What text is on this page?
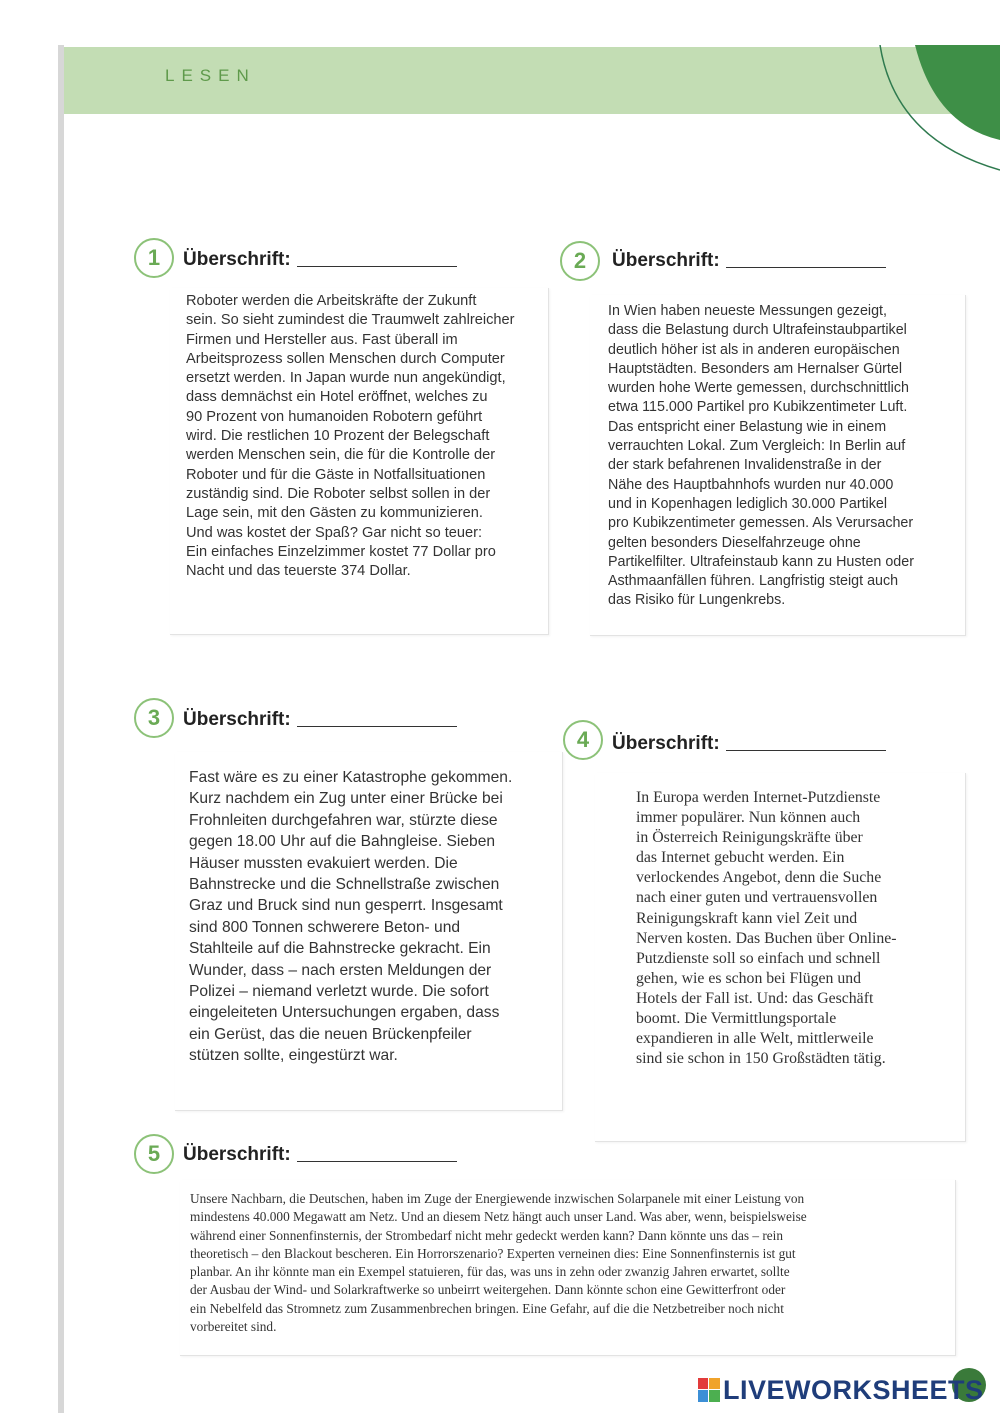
LESEN
1	Überschrift:
Roboter werden die Arbeitskräfte der Zukunft
sein. So sieht zumindest die Traumwelt zahlreicher
Firmen und Hersteller aus. Fast überall im
Arbeitsprozess sollen Menschen durch Computer
ersetzt werden. In Japan wurde nun angekündigt,
dass demnächst ein Hotel eröffnet, welches zu
90 Prozent von humanoiden Robotern geführt
wird. Die restlichen 10 Prozent der Belegschaft
werden Menschen sein, die für die Kontrolle der
Roboter und für die Gäste in Notfallsituationen
zuständig sind. Die Roboter selbst sollen in der
Lage sein, mit den Gästen zu kommunizieren.
Und was kostet der Spaß? Gar nicht so teuer:
Ein einfaches Einzelzimmer kostet 77 Dollar pro
Nacht und das teuerste 374 Dollar.
2	Überschrift:
In Wien haben neueste Messungen gezeigt,
dass die Belastung durch Ultrafeinstaubpartikel
deutlich höher ist als in anderen europäischen
Hauptstädten. Besonders am Hernalser Gürtel
wurden hohe Werte gemessen, durchschnittlich
etwa 115.000 Partikel pro Kubikzentimeter Luft.
Das entspricht einer Belastung wie in einem
verrauchten Lokal. Zum Vergleich: In Berlin auf
der stark befahrenen Invalidenstraße in der
Nähe des Hauptbahnhofs wurden nur 40.000
und in Kopenhagen lediglich 30.000 Partikel
pro Kubikzentimeter gemessen. Als Verursacher
gelten besonders Dieselfahrzeuge ohne
Partikelfilter. Ultrafeinstaub kann zu Husten oder
Asthmaanfällen führen. Langfristig steigt auch
das Risiko für Lungenkrebs.
3	Überschrift:
Fast wäre es zu einer Katastrophe gekommen.
Kurz nachdem ein Zug unter einer Brücke bei
Frohnleiten durchgefahren war, stürzte diese
gegen 18.00 Uhr auf die Bahngleise. Sieben
Häuser mussten evakuiert werden. Die
Bahnstrecke und die Schnellstraße zwischen
Graz und Bruck sind nun gesperrt. Insgesamt
sind 800 Tonnen schwerere Beton- und
Stahlteile auf die Bahnstrecke gekracht. Ein
Wunder, dass – nach ersten Meldungen der
Polizei – niemand verletzt wurde. Die sofort
eingeleiteten Untersuchungen ergaben, dass
ein Gerüst, das die neuen Brückenpfeiler
stützen sollte, eingestürzt war.
4	Überschrift:
In Europa werden Internet-Putzdienste
immer populärer. Nun können auch
in Österreich Reinigungskräfte über
das Internet gebucht werden. Ein
verlockendes Angebot, denn die Suche
nach einer guten und vertrauensvollen
Reinigungskraft kann viel Zeit und
Nerven kosten. Das Buchen über Online-
Putzdienste soll so einfach und schnell
gehen, wie es schon bei Flügen und
Hotels der Fall ist. Und: das Geschäft
boomt. Die Vermittlungsportale
expandieren in alle Welt, mittlerweile
sind sie schon in 150 Großstädten tätig.
5	Überschrift:
Unsere Nachbarn, die Deutschen, haben im Zuge der Energiewende inzwischen Solarpanele mit einer Leistung von
mindestens 40.000 Megawatt am Netz. Und an diesem Netz hängt auch unser Land. Was aber, wenn, beispielsweise
während einer Sonnenfinsternis, der Strombedarf nicht mehr gedeckt werden kann? Dann könnte uns das – rein
theoretisch – den Blackout bescheren. Ein Horrorszenario? Experten verneinen dies: Eine Sonnenfinsternis ist gut
planbar. An ihr könnte man ein Exempel statuieren, für das, was uns in zehn oder zwanzig Jahren erwartet, sollte
der Ausbau der Wind- und Solarkraftwerke so unbeirrt weitergehen. Dann könnte schon eine Gewitterfront oder
ein Nebelfeld das Stromnetz zum Zusammenbrechen bringen. Eine Gefahr, auf die die Netzbetreiber noch nicht
vorbereitet sind.
LIVEWORKSHEETS
